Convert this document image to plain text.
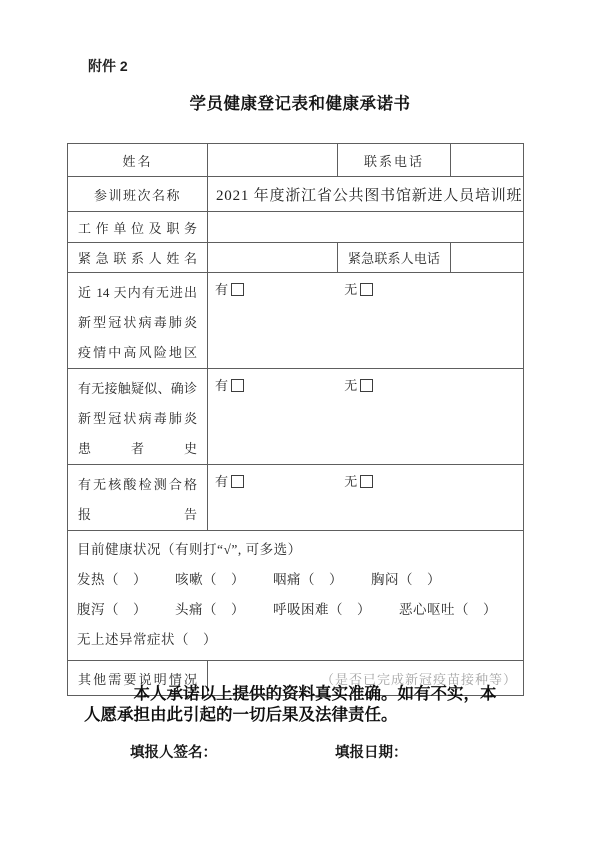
附件 2
学员健康登记表和健康承诺书
姓名		联系电话	
参训班次名称	2021 年度浙江省公共图书馆新进人员培训班		
工作单位及职务			
紧急联系人姓名		紧急联系人电话	

近 14 天内有无进出
新型冠状病毒肺炎
疫情中高风险地区	有 无		

有无接触疑似、确诊
新型冠状病毒肺炎
患者史	有 无		

有无核酸检测合格
报告	有 无		

目前健康状况（有则打“√”, 可多选）
发热（　） 咳嗽（　） 咽痛（　） 胸闷（　）
腹泻（　） 头痛（　） 呼吸困难（　） 恶心呕吐（　）
无上述异常症状（　）

其他需要说明情况	（是否已完成新冠疫苗接种等）		

本人承诺以上提供的资料真实准确。如有不实，本人愿承担由此引起的一切后果及法律责任。

填报人签名：	填报日期：
